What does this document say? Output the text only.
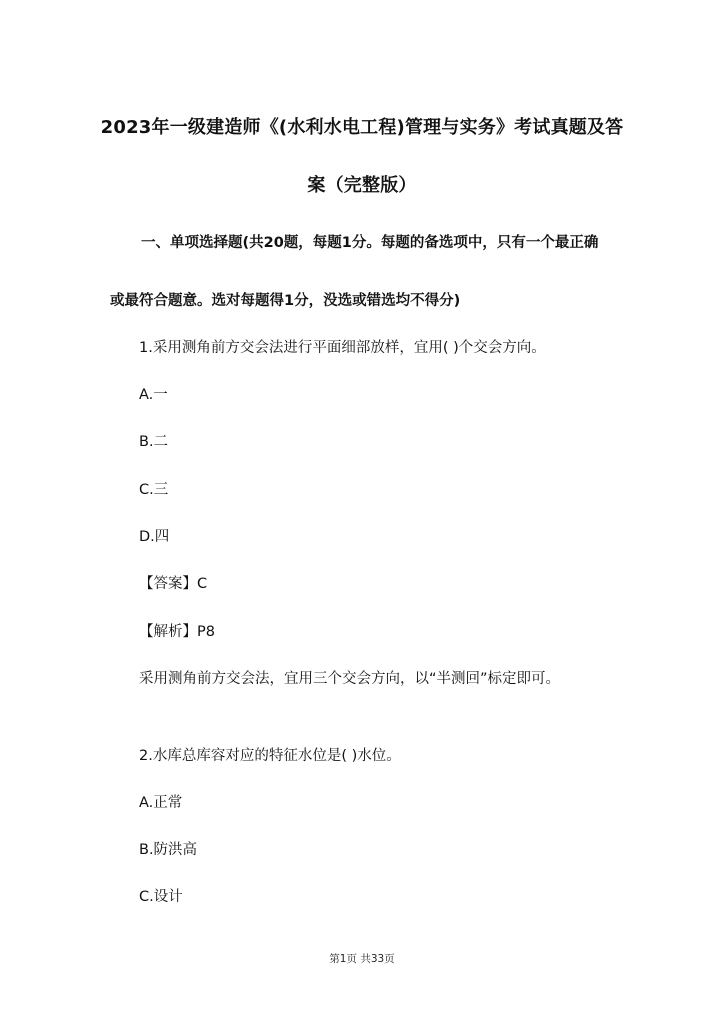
2023年一级建造师《(水利水电工程)管理与实务》考试真题及答
案（完整版）
一、单项选择题(共20题，每题1分。每题的备选项中，只有一个最正确
或最符合题意。选对每题得1分，没选或错选均不得分)
1.采用测角前方交会法进行平面细部放样，宜用( )个交会方向。
A.一
B.二
C.三
D.四
【答案】C
【解析】P8
采用测角前方交会法，宜用三个交会方向，以“半测回”标定即可。
2.水库总库容对应的特征水位是( )水位。
A.正常
B.防洪高
C.设计
第1页 共33页
